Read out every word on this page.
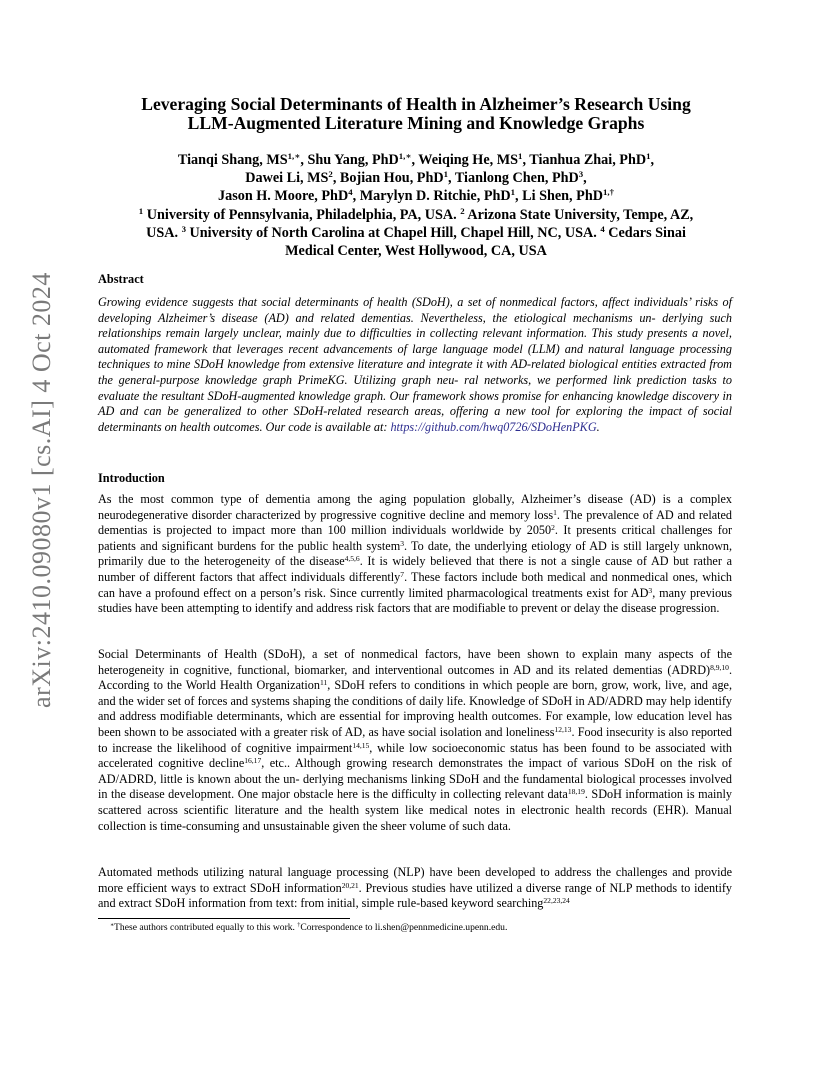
arXiv:2410.09080v1 [cs.AI] 4 Oct 2024
Leveraging Social Determinants of Health in Alzheimer’s Research Using
LLM-Augmented Literature Mining and Knowledge Graphs
Tianqi Shang, $MS^{1,∗}$, Shu Yang, PhD$^{1,∗}$, Weiqing He, $MS^1$, Tianhua Zhai, PhD$^1$,
Dawei Li, $MS^2$, Bojian Hou, PhD$^1$, Tianlong Chen, PhD$^3$,
Jason H. Moore, PhD$^4$, Marylyn D. Ritchie, PhD$^1$, Li Shen, PhD$^{1,\dagger}$
$^1$ University of Pennsylvania, Philadelphia, PA, USA. $^2$ Arizona State University, Tempe, AZ,
USA. $^3$ University of North Carolina at Chapel Hill, Chapel Hill, NC, USA. $^4$ Cedars Sinai
Medical Center, West Hollywood, CA, USA
Abstract

Growing evidence suggests that social determinants of health (SDoH), a set of nonmedical factors, affect individuals’ risks of developing Alzheimer’s disease (AD) and related dementias. Nevertheless, the etiological mechanisms un- derlying such relationships remain largely unclear, mainly due to difficulties in collecting relevant information. This study presents a novel, automated framework that leverages recent advancements of large language model (LLM) and natural language processing techniques to mine SDoH knowledge from extensive literature and integrate it with AD-related biological entities extracted from the general-purpose knowledge graph PrimeKG. Utilizing graph neu- ral networks, we performed link prediction tasks to evaluate the resultant SDoH-augmented knowledge graph. Our framework shows promise for enhancing knowledge discovery in AD and can be generalized to other SDoH-related research areas, offering a new tool for exploring the impact of social determinants on health outcomes. Our code is available at: https://github.com/hwq0726/SDoHenPKG.

Introduction

As the most common type of dementia among the aging population globally, Alzheimer’s disease (AD) is a complex neurodegenerative disorder characterized by progressive cognitive decline and memory loss$^1$. The prevalence of AD and related dementias is projected to impact more than 100 million individuals worldwide by 2050$^2$. It presents critical challenges for patients and significant burdens for the public health system$^3$. To date, the underlying etiology of AD is still largely unknown, primarily due to the heterogeneity of the disease$^{4,5,6}$. It is widely believed that there is not a single cause of AD but rather a number of different factors that affect individuals differently$^7$. These factors include both medical and nonmedical ones, which can have a profound effect on a person’s risk. Since currently limited pharmacological treatments exist for $AD^3$, many previous studies have been attempting to identify and address risk factors that are modifiable to prevent or delay the disease progression.

Social Determinants of Health (SDoH), a set of nonmedical factors, have been shown to explain many aspects of the heterogeneity in cognitive, functional, biomarker, and interventional outcomes in AD and its related dementias (ADRD)$^{8,9,10}$. According to the World Health Organization$^{11}$, SDoH refers to conditions in which people are born, grow, work, live, and age, and the wider set of forces and systems shaping the conditions of daily life. Knowledge of SDoH in AD/ADRD may help identify and address modifiable determinants, which are essential for improving health outcomes. For example, low education level has been shown to be associated with a greater risk of AD, as have social isolation and loneliness$^{12,13}$. Food insecurity is also reported to increase the likelihood of cognitive impairment$^{14,15}$, while low socioeconomic status has been found to be associated with accelerated cognitive decline$^{16,17}$, etc.. Although growing research demonstrates the impact of various SDoH on the risk of AD/ADRD, little is known about the un- derlying mechanisms linking SDoH and the fundamental biological processes involved in the disease development. One major obstacle here is the difficulty in collecting relevant data$^{18,19}$. SDoH information is mainly scattered across scientific literature and the health system like medical notes in electronic health records (EHR). Manual collection is time-consuming and unsustainable given the sheer volume of such data.

Automated methods utilizing natural language processing (NLP) have been developed to address the challenges and provide more efficient ways to extract SDoH information$^{20,21}$. Previous studies have utilized a diverse range of NLP methods to identify and extract SDoH information from text: from initial, simple rule-based keyword searching$^{22,23,24}$

∗These authors contributed equally to this work. †Correspondence to li.shen@pennmedicine.upenn.edu.
